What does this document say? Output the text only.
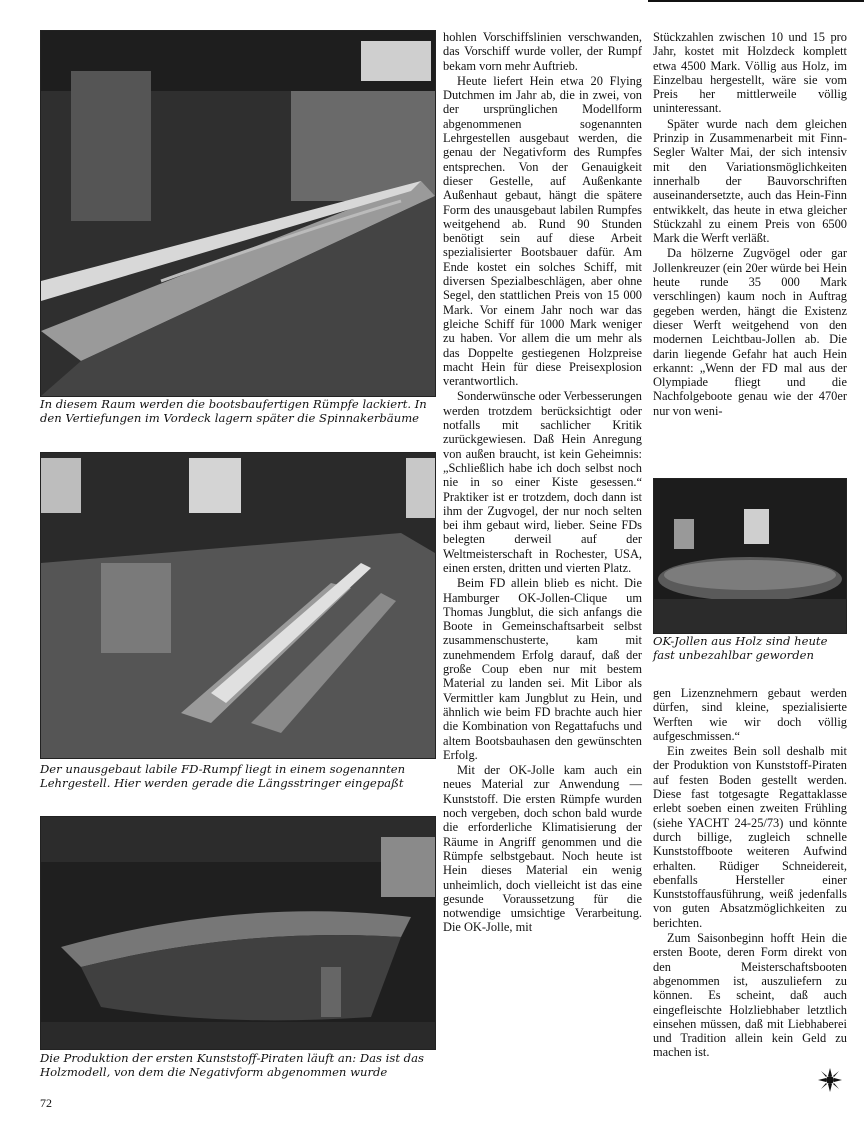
In diesem Raum werden die bootsbaufertigen Rümpfe lackiert. In den Vertiefungen im Vordeck lagern später die Spinnakerbäume
Der unausgebaut labile FD-Rumpf liegt in einem sogenannten Lehrgestell. Hier werden gerade die Längsstringer eingepaßt
Die Produktion der ersten Kunststoff-Piraten läuft an: Das ist das Holzmodell, von dem die Negativform abgenommen wurde
72

hohlen Vorschiffslinien verschwanden, das Vorschiff wurde voller, der Rumpf bekam vorn mehr Auftrieb.

Heute liefert Hein etwa 20 Flying Dutchmen im Jahr ab, die in zwei, von der ursprünglichen Modellform abgenommenen sogenannten Lehrgestellen ausgebaut werden, die genau der Negativform des Rumpfes entsprechen. Von der Genauigkeit dieser Gestelle, auf Außenkante Außenhaut gebaut, hängt die spätere Form des unausgebaut labilen Rumpfes weitgehend ab. Rund 90 Stunden benötigt sein auf diese Arbeit spezialisierter Bootsbauer dafür. Am Ende kostet ein solches Schiff, mit diversen Spezialbeschlägen, aber ohne Segel, den stattlichen Preis von 15 000 Mark. Vor einem Jahr noch war das gleiche Schiff für 1000 Mark weniger zu haben. Vor allem die um mehr als das Doppelte gestiegenen Holzpreise macht Hein für diese Preisexplosion verantwortlich.

Sonderwünsche oder Verbesserungen werden trotzdem berücksichtigt oder notfalls mit sachlicher Kritik zurückgewiesen. Daß Hein Anregung von außen braucht, ist kein Geheimnis: „Schließlich habe ich doch selbst noch nie in so einer Kiste gesessen.“ Praktiker ist er trotzdem, doch dann ist ihm der Zugvogel, der nur noch selten bei ihm gebaut wird, lieber. Seine FDs belegten derweil auf der Weltmeisterschaft in Rochester, USA, einen ersten, dritten und vierten Platz.

Beim FD allein blieb es nicht. Die Hamburger OK-Jollen-Clique um Thomas Jungblut, die sich anfangs die Boote in Gemeinschaftsarbeit selbst zusammenschusterte, kam mit zunehmendem Erfolg darauf, daß der große Coup eben nur mit bestem Material zu landen sei. Mit Libor als Vermittler kam Jungblut zu Hein, und ähnlich wie beim FD brachte auch hier die Kombination von Regattafuchs und altem Bootsbauhasen den gewünschten Erfolg.

Mit der OK-Jolle kam auch ein neues Material zur Anwendung — Kunststoff. Die ersten Rümpfe wurden noch vergeben, doch schon bald wurde die erforderliche Klimatisierung der Räume in Angriff genommen und die Rümpfe selbstgebaut. Noch heute ist Hein dieses Material ein wenig unheimlich, doch vielleicht ist das eine gesunde Voraussetzung für die notwendige umsichtige Verarbeitung. Die OK-Jolle, mit

Stückzahlen zwischen 10 und 15 pro Jahr, kostet mit Holzdeck komplett etwa 4500 Mark. Völlig aus Holz, im Einzelbau hergestellt, wäre sie vom Preis her mittlerweile völlig uninteressant.

Später wurde nach dem gleichen Prinzip in Zusammenarbeit mit Finn-Segler Walter Mai, der sich intensiv mit den Variationsmöglichkeiten innerhalb der Bauvorschriften auseinandersetzte, auch das Hein-Finn entwikkelt, das heute in etwa gleicher Stückzahl zu einem Preis von 6500 Mark die Werft verläßt.

Da hölzerne Zugvögel oder gar Jollenkreuzer (ein 20er würde bei Hein heute runde 35 000 Mark verschlingen) kaum noch in Auftrag gegeben werden, hängt die Existenz dieser Werft weitgehend von den modernen Leichtbau-Jollen ab. Die darin liegende Gefahr hat auch Hein erkannt: „Wenn der FD mal aus der Olympiade fliegt und die Nachfolgeboote genau wie der 470er nur von weni-

OK-Jollen aus Holz sind heute fast unbezahlbar geworden

gen Lizenznehmern gebaut werden dürfen, sind kleine, spezialisierte Werften wie wir doch völlig aufgeschmissen.“

Ein zweites Bein soll deshalb mit der Produktion von Kunststoff-Piraten auf festen Boden gestellt werden. Diese fast totgesagte Regattaklasse erlebt soeben einen zweiten Frühling (siehe YACHT 24-25/73) und könnte durch billige, zugleich schnelle Kunststoffboote weiteren Aufwind erhalten. Rüdiger Schneidereit, ebenfalls Hersteller einer Kunststoffausführung, weiß jedenfalls von guten Absatzmöglichkeiten zu berichten.

Zum Saisonbeginn hofft Hein die ersten Boote, deren Form direkt von den Meisterschaftsbooten abgenommen ist, auszuliefern zu können. Es scheint, daß auch eingefleischte Holzliebhaber letztlich einsehen müssen, daß mit Liebhaberei und Tradition allein kein Geld zu machen ist.
